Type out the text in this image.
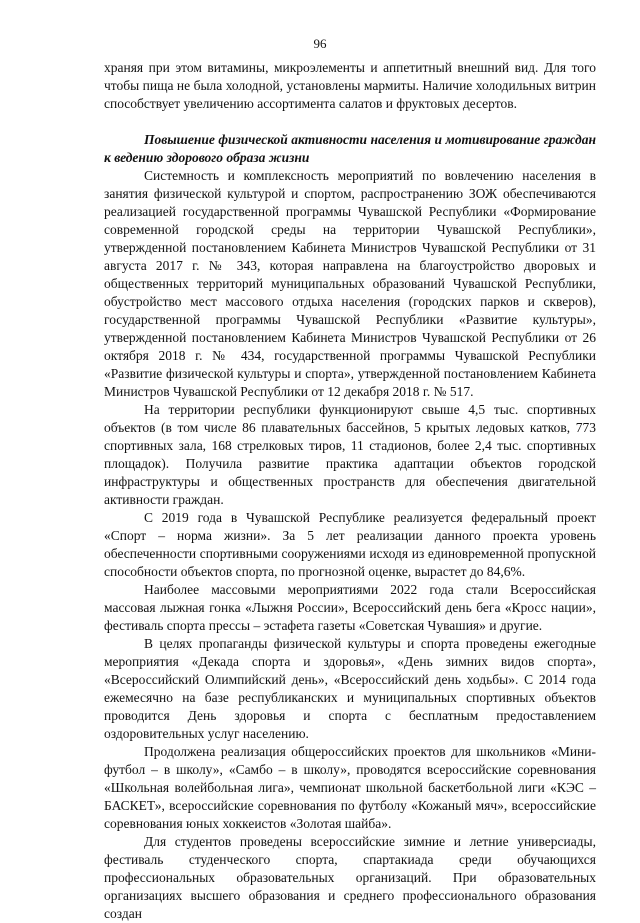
96

храняя при этом витамины, микроэлементы и аппетитный внешний вид. Для того чтобы пища не была холодной, установлены мармиты. Наличие холодильных витрин способствует увеличению ассортимента салатов и фруктовых десертов.

Повышение физической активности населения и мотивирование граждан к ведению здорового образа жизни

Системность и комплексность мероприятий по вовлечению населения в занятия физической культурой и спортом, распространению ЗОЖ обеспечиваются реализацией государственной программы Чувашской Республики «Формирование современной городской среды на территории Чувашской Республики», утвержденной постановлением Кабинета Министров Чувашской Республики от 31 августа 2017 г. № 343, которая направлена на благоустройство дворовых и общественных территорий муниципальных образований Чувашской Республики, обустройство мест массового отдыха населения (городских парков и скверов), государственной программы Чувашской Республики «Развитие культуры», утвержденной постановлением Кабинета Министров Чувашской Республики от 26 октября 2018 г. № 434, государственной программы Чувашской Республики «Развитие физической культуры и спорта», утвержденной постановлением Кабинета Министров Чувашской Республики от 12 декабря 2018 г. № 517.

На территории республики функционируют свыше 4,5 тыс. спортивных объектов (в том числе 86 плавательных бассейнов, 5 крытых ледовых катков, 773 спортивных зала, 168 стрелковых тиров, 11 стадионов, более 2,4 тыс. спортивных площадок). Получила развитие практика адаптации объектов городской инфраструктуры и общественных пространств для обеспечения двигательной активности граждан.

С 2019 года в Чувашской Республике реализуется федеральный проект «Спорт – норма жизни». За 5 лет реализации данного проекта уровень обеспеченности спортивными сооружениями исходя из единовременной пропускной способности объектов спорта, по прогнозной оценке, вырастет до 84,6%.

Наиболее массовыми мероприятиями 2022 года стали Всероссийская массовая лыжная гонка «Лыжня России», Всероссийский день бега «Кросс нации», фестиваль спорта прессы – эстафета газеты «Советская Чувашия» и другие.

В целях пропаганды физической культуры и спорта проведены ежегодные мероприятия «Декада спорта и здоровья», «День зимних видов спорта», «Всероссийский Олимпийский день», «Всероссийский день ходьбы». С 2014 года ежемесячно на базе республиканских и муниципальных спортивных объектов проводится День здоровья и спорта с бесплатным предоставлением оздоровительных услуг населению.

Продолжена реализация общероссийских проектов для школьников «Мини-футбол – в школу», «Самбо – в школу», проводятся всероссийские соревнования «Школьная волейбольная лига», чемпионат школьной баскетбольной лиги «КЭС – БАСКЕТ», всероссийские соревнования по футболу «Кожаный мяч», всероссийские соревнования юных хоккеистов «Золотая шайба».

Для студентов проведены всероссийские зимние и летние универсиады, фестиваль студенческого спорта, спартакиада среди обучающихся профессиональных образовательных организаций. При образовательных организациях высшего образования и среднего профессионального образования создан
